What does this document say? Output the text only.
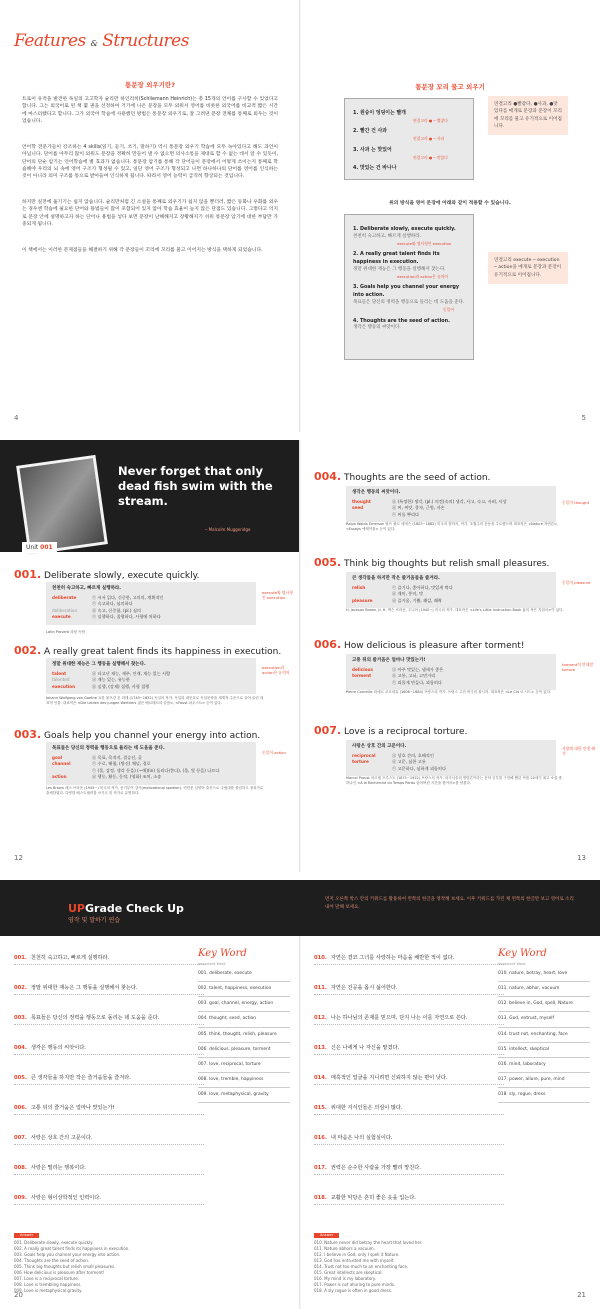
Features & Structures
통문장 외우기란?

트로이 유적을 발견한 독일의 고고학자 슐리만 하인리히(Schliemann Heinrich)는 총 15개의 언어를 구사할 수 있었다고 합니다. 그는 외국어로 된 책 몇 권을 선정하여 거기에 나온 문장을 모두 외워서 영어를 비롯한 외국어를 비교적 짧은 시간에 마스터했다고 합니다. 그가 외국어 학습에 사용했던 방법은 통문장 외우기로, 잘 그려낸 문장 전체를 통째로 외우는 것이었습니다.

언어학 전문가들이 강조하는 4 skills(읽기, 듣기, 쓰기, 말하기) 역시 통문장 외우기 학습에 모두 녹아있다고 해도 과언이 아닙니다. 단어를 아무리 많이 외워도 문장을 정확히 만들어 낼 수 없으면 의사소통을 제대로 할 수 없는 데서 알 수 있듯이, 단어의 단순 암기는 언어학습에 별 효과가 없습니다. 통문장 암기를 통해 각 단어들이 문장에서 어떻게 쓰이는지 통째로 학습해야 우리의 뇌 속에 영어 구조가 형성될 수 있고, 일단 영어 구조가 형성되고 나면 하나하나의 단어를 영어를 인식하는 것이 아니라 의미 구조를 통으로 받아들여 인식하게 됩니다. 따라서 영어 능력이 급격히 향상되는 것입니다.

하지만 실전에 옮기기는 쉽지 않습니다. 슐리만처럼 긴 소설을 통째로 외우기가 쉽지 않을 뿐더러, 짧은 동화나 우화를 외우는 경우엔 학습에 필요한 단어와 용법들이 많이 포함되어 있지 않아 학습 효율이 높지 않은 단점도 있습니다. 그렇다고 억지로 문장 안에 설명하고자 하는 단어나 용법을 넣다 보면 문장이 난해해지고 장황해지기 쉬워 통문장 암기에 대한 부담만 가중되게 됩니다.

이 책에서는 이러한 문제점들을 해결하기 위해 각 문장들이 꼬리에 꼬리를 물고 이어지는 방식을 택하게 되었습니다.

4
통문장 꼬리 물고 외우기
1. 원숭이 엉덩이는 빨개
연결고리 ● ─ 빨갛다
2. 빨간 건 사과
연결고리 ● ─ 사과
3. 사과 는 맛있어
연결고리 ● ─ 맛있다
4. 맛있는 건 바나나
연결고리 ●빨갛다, ●사과, ●맛있다를 매개로 문장과 문장이 꼬리에 꼬리를 물고 유기적으로 이어집니다.
위의 방식을 영어 문장에 아래와 같이 적용할 수 있습니다.
1. Deliberate slowly, execute quickly.
천천히 숙고하고, 빠르게 실행하라.
execute와 명사형인 execution
2. A really great talent finds its happiness in execution.
정말 위대한 재능은 그 행동을 실행해서 찾는다.
execution과 action은 유의어
3. Goals help you channel your energy into action.
목표들은 당신의 정력을 행동으로 돌리는 데 도움을 준다.
동일어
4. Thoughts are the seed of action.
생각은 행동의 씨앗이다.
연결고리 execute ─ execution ─ action을 매개로 문장과 문장이 유기적으로 이어집니다.
5
Unit 001
Never forget that only dead fish swim with the stream.
─ Malcolm Muggeridge
001. Deliberate slowly, execute quickly.
천천히 숙고하고, 빠르게 실행하라.
deliberate	ⓥ 서서 읽다, 신중한, 고의의, 계획적인
ⓥ 숙고하다, 심의하다
deliberation	ⓝ 숙고, 신중함, (pl.) 심의
execute	ⓥ 실행하다, 집행하다, 사형에 처하다
Latin Proverb 라틴 속담
execute와 명사형인 execution
002. A really great talent finds its happiness in execution.
정말 위대한 재능은 그 행동을 실행해서 찾는다.
talent	ⓝ 타고난 재능, 재주, 인재, 재능 있는 사람
talented	ⓐ 재능 있는, 유능한
execution	ⓝ 실행, (강제) 집행, 사형 집행
Johann Wolfgang von Goethe 요한 볼프강 폰 괴테 (1749~1832) 독일의 작가. 독일의 대문호로 독일문학을 세계적 수준으로 끌어 올린 대표적 인물. 대표작은 <Die Leiden des jungen Werthers 젊은 베르테르의 슬픔>, <Faust 파우스트> 등이 있다.
execution과 action은 유의어
003. Goals help you channel your energy into action.
목표들은 당신의 정력을 행동으로 돌리는 데 도움을 준다.
goal	ⓝ 목표, 목적지, 결승선, 골
channel	ⓥ 수로, 해협, (방신) 채널, 경로
ⓥ (물, 감정, 생각 등을) (~에)(in) 돌리다(쏟다), (물, 빛 등을) 나르다
action	ⓝ 행동, 활동, 동작, (영화) 조치, 소송
Les Brown 레스 브라운 (1945~) 미국의 작가, 동기부여 강사(motivational speaker). 빈민촌 입양아 출신으로 주립대를 졸업하고 정치가로 출세하였다. 다양한 베스트셀러를 쓰기도 한 작가로 유명하다.
동일어 action
12
004. Thoughts are the seed of action.
생각은 행동의 씨앗이다.
thought	ⓝ (특정한) 생각, (pl.) 의견(속의) 생각, 사고, 숙고, 사려, 사상
seed	ⓝ 씨, 씨앗, 종자, 근원, 자손
ⓥ 씨를 뿌리다
Ralph Waldo Emerson 랄프 왈도 에머슨 (1803~1882) 미국의 철학자, 작가. 초월주의 운동을 주도했으며 대표작은 <Nature 자연론>, <Essays 에세이집> 등이 있다.
동일어 thought
005. Think big thoughts but relish small pleasures.
큰 생각들을 하지만 작은 즐거움들을 즐겨라.
relish	ⓥ 즐기다, 좋아하다, 맛있게 먹다
ⓝ 재미, 풍미, 맛
pleasure	ⓝ 즐거움, 기쁨, 쾌감, 쾌락
H. Jackson Brown, Jr. H. 잭슨 브라운, 주니어 (1940~) 미국의 작가. 대표작은 <Life's Little Instruction Book 삶의 작은 지침서>이 있다.
동일어 pleasure
006. How delicious is pleasure after torment!
고통 뒤의 즐거움은 얼마나 맛있는가!
delicious	ⓐ 아주 맛있는, 냄새가 좋은
torment	ⓝ 고통, 고뇌, 고민거리
ⓥ 괴롭게 만들다, 괴롭히다
Pierre Corneille 피에르 코르네유 (1606~1684) 프랑스의 작가. 프랑스 고전 비극의 창시자. 대표작은 <Le Cid 르 시드> 등이 있다.
torment의 반대말 torture
007. Love is a reciprocal torture.
사랑은 상호 간의 고문이다.
reciprocal	ⓐ 상호 간의, 호혜적인
torture	ⓝ 고문, 심한 고통
ⓥ 고문하다, 심하게 괴롭히다
Marcel Proust 마르셀 프루스트 (1871~1922) 프랑스의 작가. 의식서술의 방법론이라는 문학 공부를 구현해 했던 작품 20세기 최고 소설 중 하나인 <À la Recherche du Temps Perdu 잃어버린 시간을 찾아서>를 남겼다.
사랑에 대한 인생 해석
13
UPGrade Check Up
영작 및 말하기 연습
먼저 오른쪽 박스 안의 키워드를 활용하여 왼쪽의 한글을 영작해 보세요. 이후 키워드를 가린 채 왼쪽의 한글만 보고 영어로 소리 내어 말해 보세요.
001. 천천히 숙고하고, 빠르게 실행하라.
002. 정말 위대한 재능은 그 행동을 실행해서 찾는다.
003. 목표들은 당신의 정력을 행동으로 돌리는 데 도움을 준다.
004. 생각은 행동의 씨앗이다.
005. 큰 생각들을 하지만 작은 즐거움들을 즐겨라.
006. 고통 뒤의 즐거움은 얼마나 맛있는가!
007. 사랑은 상호 간의 고문이다.
008. 사랑은 떨리는 행복이다.
009. 사랑은 형이상학적인 인력이다.
Key Word
Important Word
001. deliberate, execute
002. talent, happiness, execution
003. goal, channel, energy, action
004. thought, seed, action
005. think, thought, relish, pleasure
006. delicious, pleasure, torment
007. love, reciprocal, torture
008. love, tremble, happiness
009. love, metaphysical, gravity
Answer
001. Deliberate slowly, execute quickly.
002. A really great talent finds its happiness in execution.
003. Goals help you channel your energy into action.
004. Thoughts are the seed of action.
005. Think big thoughts but relish small pleasures.
006. How delicious is pleasure after torment!
007. Love is a reciprocal torture.
008. Love is trembling happiness.
009. Love is metaphysical gravity.
20
010. 자연은 결코 그녀를 사랑하는 마음을 배반한 적이 없다.
011. 자연은 진공을 몹시 싫어한다.
012. 나는 하나님의 존재를 믿으며, 단지 나는 이를 자연으로 쓴다.
013. 신은 나에게 나 자신을 맡겼다.
014. 매혹적인 얼굴을 지니려면 신뢰하지 않는 편이 낫다.
015. 위대한 지식인들은 의심이 많다.
016. 내 마음은 나의 실험실이다.
017. 권력은 순수한 사람을 가장 빨리 망친다.
018. 교활한 악당은 흔히 좋은 옷을 입는다.
Key Word
Important Word
010. nature, betray, heart, love
011. nature, abhor, vacuum
012. believe in, God, spell, Nature
013. God, entrust, myself
014. trust not, enchanting, face
015. intellect, skeptical
016. mind, laboratory
017. power, allure, pure, mind
018. sly, rogue, dress
Answer
010. Nature never did betray the heart that loved her.
011. Nature abhors a vacuum.
012. I believe in God, only I spell it Nature.
013. God has entrusted me with myself.
014. Trust not too much to an enchanting face.
015. Great intellects are skeptical.
016. My mind is my laboratory.
017. Power is not alluring to pure minds.
018. A sly rogue is often in good dress.
21
